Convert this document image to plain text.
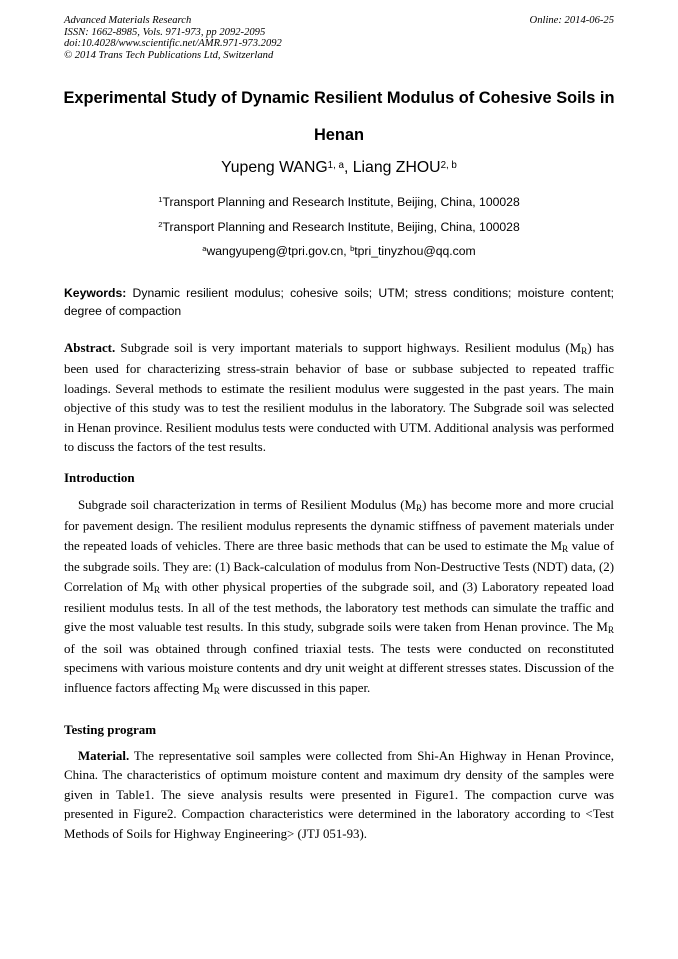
Advanced Materials Research
ISSN: 1662-8985, Vols. 971-973, pp 2092-2095
doi:10.4028/www.scientific.net/AMR.971-973.2092
© 2014 Trans Tech Publications Ltd, Switzerland
Online: 2014-06-25
Experimental Study of Dynamic Resilient Modulus of Cohesive Soils in Henan
Yupeng WANG$^{1, a}$, Liang ZHOU$^{2, b}$
$^1$Transport Planning and Research Institute, Beijing, China, 100028
$^2$Transport Planning and Research Institute, Beijing, China, 100028
$^a$wangyupeng@tpri.gov.cn, $^b$tpri_tinyzhou@qq.com
Keywords: Dynamic resilient modulus; cohesive soils; UTM; stress conditions; moisture content; degree of compaction
Abstract. Subgrade soil is very important materials to support highways. Resilient modulus $(M_R)$ has been used for characterizing stress-strain behavior of base or subbase subjected to repeated traffic loadings. Several methods to estimate the resilient modulus were suggested in the past years. The main objective of this study was to test the resilient modulus in the laboratory. The Subgrade soil was selected in Henan province. Resilient modulus tests were conducted with UTM. Additional analysis was performed to discuss the factors of the test results.
Introduction
Subgrade soil characterization in terms of Resilient Modulus $(M_R)$ has become more and more crucial for pavement design. The resilient modulus represents the dynamic stiffness of pavement materials under the repeated loads of vehicles. There are three basic methods that can be used to estimate the $M_R$ value of the subgrade soils. They are: (1) Back-calculation of modulus from Non-Destructive Tests (NDT) data, (2) Correlation of $M_R$ with other physical properties of the subgrade soil, and (3) Laboratory repeated load resilient modulus tests. In all of the test methods, the laboratory test methods can simulate the traffic and give the most valuable test results. In this study, subgrade soils were taken from Henan province. The $M_R$ of the soil was obtained through confined triaxial tests. The tests were conducted on reconstituted specimens with various moisture contents and dry unit weight at different stresses states. Discussion of the influence factors affecting $M_R$ were discussed in this paper.
Testing program
Material. The representative soil samples were collected from Shi-An Highway in Henan Province, China. The characteristics of optimum moisture content and maximum dry density of the samples were given in Table1. The sieve analysis results were presented in Figure1. The compaction curve was presented in Figure2. Compaction characteristics were determined in the laboratory according to <Test Methods of Soils for Highway Engineering> (JTJ 051-93).
